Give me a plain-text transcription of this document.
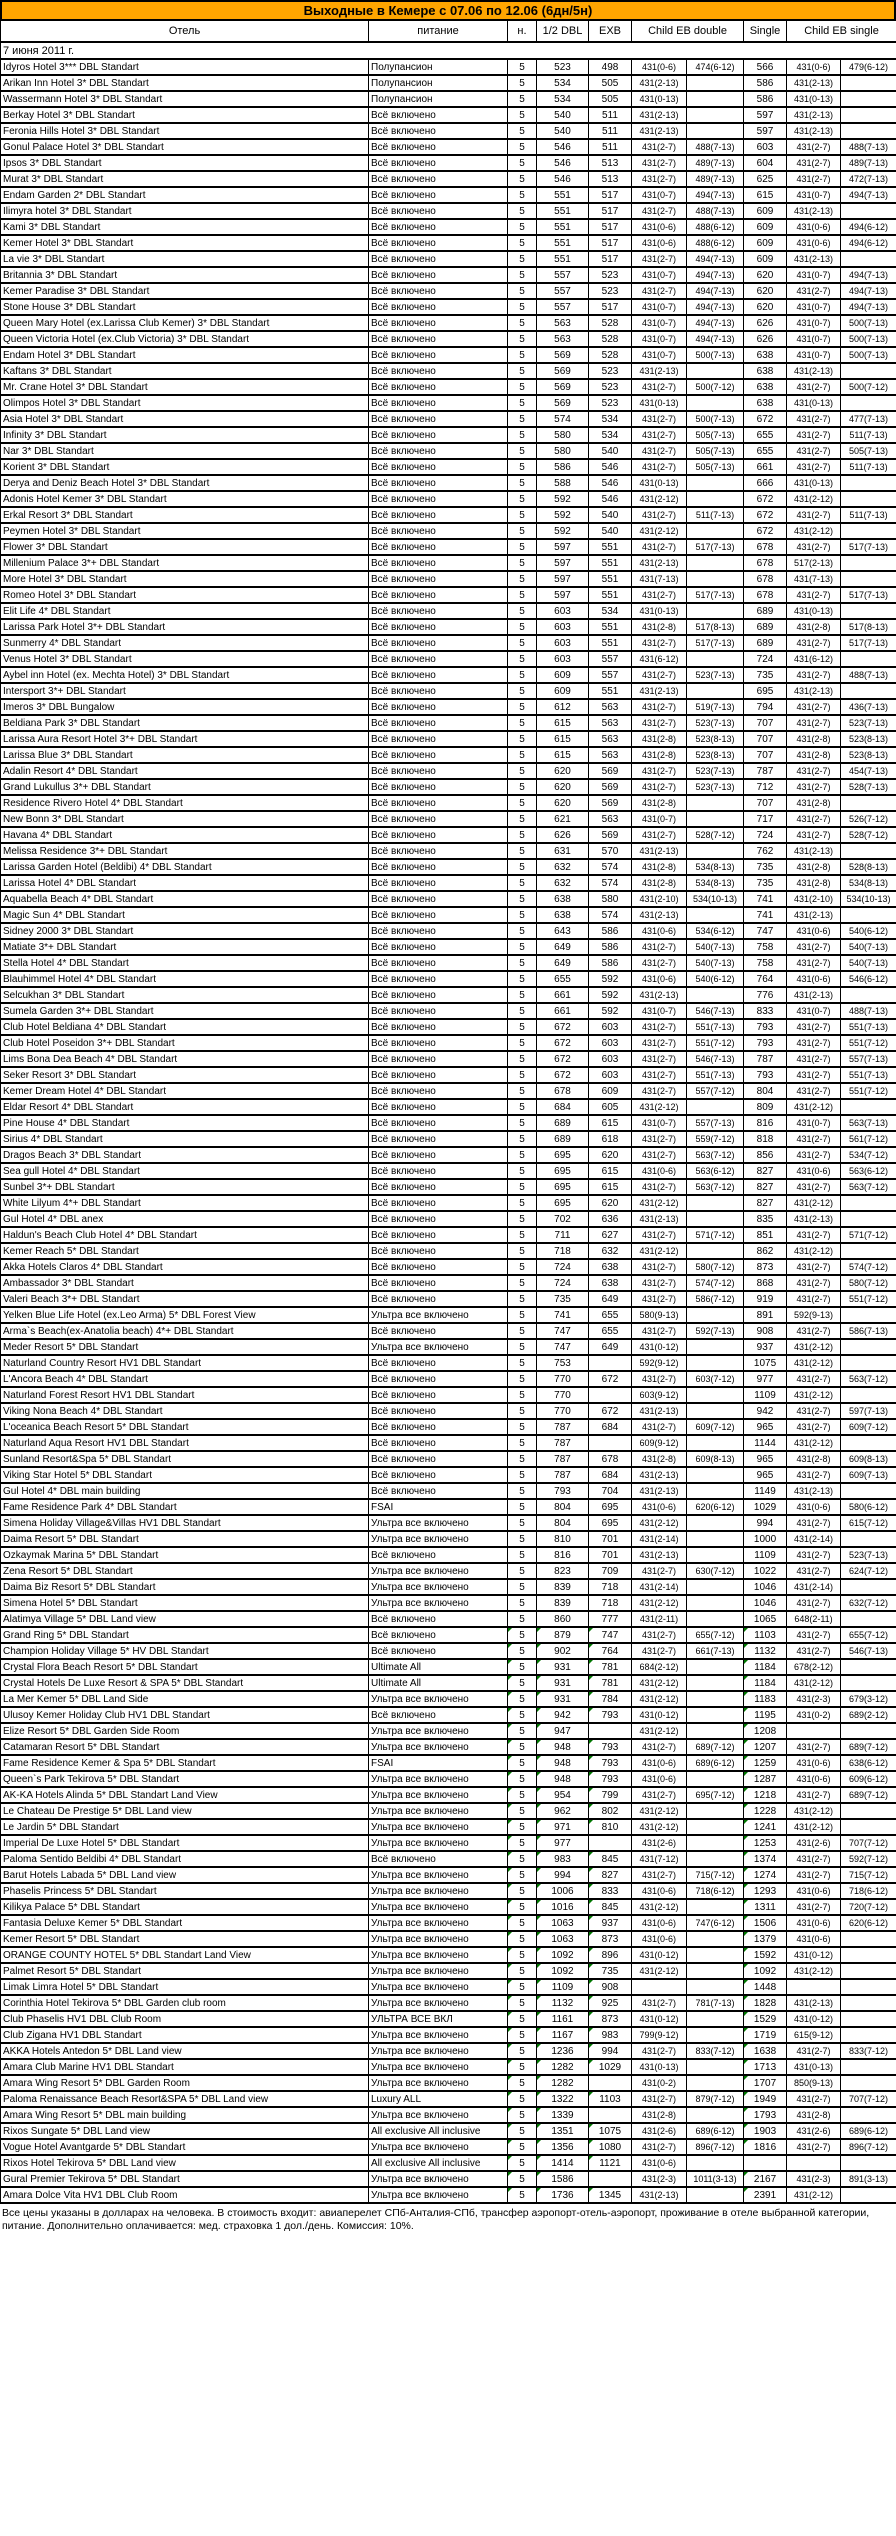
Выходные в Кемере с 07.06 по 12.06 (6дн/5н)
Отель	питание	н.	1/2 DBL	EXB	Child EB double		Single	Child EB single	
7 июня 2011 г.									
Idyros Hotel 3*** DBL Standart	Полупансион	5	523	498	431(0-6)	474(6-12)	566	431(0-6)	479(6-12)
Arikan Inn Hotel 3* DBL Standart	Полупансион	5	534	505	431(2-13)		586	431(2-13)	
Wassermann Hotel 3* DBL Standart	Полупансион	5	534	505	431(0-13)		586	431(0-13)	
Berkay Hotel 3* DBL Standart	Всё включено	5	540	511	431(2-13)		597	431(2-13)	
Feronia Hills Hotel 3* DBL Standart	Всё включено	5	540	511	431(2-13)		597	431(2-13)	
Gonul Palace Hotel 3* DBL Standart	Всё включено	5	546	511	431(2-7)	488(7-13)	603	431(2-7)	488(7-13)
Ipsos 3* DBL Standart	Всё включено	5	546	513	431(2-7)	489(7-13)	604	431(2-7)	489(7-13)
Murat 3* DBL Standart	Всё включено	5	546	513	431(2-7)	489(7-13)	625	431(2-7)	472(7-13)
Endam Garden 2* DBL Standart	Всё включено	5	551	517	431(0-7)	494(7-13)	615	431(0-7)	494(7-13)
Ilimyra hotel 3* DBL Standart	Всё включено	5	551	517	431(2-7)	488(7-13)	609	431(2-13)	
Kami 3* DBL Standart	Всё включено	5	551	517	431(0-6)	488(6-12)	609	431(0-6)	494(6-12)
Kemer Hotel 3* DBL Standart	Всё включено	5	551	517	431(0-6)	488(6-12)	609	431(0-6)	494(6-12)
La vie 3* DBL Standart	Всё включено	5	551	517	431(2-7)	494(7-13)	609	431(2-13)	
Britannia 3* DBL Standart	Всё включено	5	557	523	431(0-7)	494(7-13)	620	431(0-7)	494(7-13)
Kemer Paradise 3* DBL Standart	Всё включено	5	557	523	431(2-7)	494(7-13)	620	431(2-7)	494(7-13)
Stone House 3* DBL Standart	Всё включено	5	557	517	431(0-7)	494(7-13)	620	431(0-7)	494(7-13)
Queen Mary Hotel (ex.Larissa Club Kemer) 3* DBL Standart	Всё включено	5	563	528	431(0-7)	494(7-13)	626	431(0-7)	500(7-13)
Queen Victoria Hotel (ex.Club Victoria) 3* DBL Standart	Всё включено	5	563	528	431(0-7)	494(7-13)	626	431(0-7)	500(7-13)
Endam Hotel 3* DBL Standart	Всё включено	5	569	528	431(0-7)	500(7-13)	638	431(0-7)	500(7-13)
Kaftans 3* DBL Standart	Всё включено	5	569	523	431(2-13)		638	431(2-13)	
Mr. Crane Hotel 3* DBL Standart	Всё включено	5	569	523	431(2-7)	500(7-12)	638	431(2-7)	500(7-12)
Olimpos Hotel 3* DBL Standart	Всё включено	5	569	523	431(0-13)		638	431(0-13)	
Asia Hotel 3* DBL Standart	Всё включено	5	574	534	431(2-7)	500(7-13)	672	431(2-7)	477(7-13)
Infinity 3* DBL Standart	Всё включено	5	580	534	431(2-7)	505(7-13)	655	431(2-7)	511(7-13)
Nar 3* DBL Standart	Всё включено	5	580	540	431(2-7)	505(7-13)	655	431(2-7)	505(7-13)
Korient 3* DBL Standart	Всё включено	5	586	546	431(2-7)	505(7-13)	661	431(2-7)	511(7-13)
Derya and Deniz Beach Hotel 3* DBL Standart	Всё включено	5	588	546	431(0-13)		666	431(0-13)	
Adonis Hotel Kemer 3* DBL Standart	Всё включено	5	592	546	431(2-12)		672	431(2-12)	
Erkal Resort 3* DBL Standart	Всё включено	5	592	540	431(2-7)	511(7-13)	672	431(2-7)	511(7-13)
Peymen Hotel 3* DBL Standart	Всё включено	5	592	540	431(2-12)		672	431(2-12)	
Flower 3* DBL Standart	Всё включено	5	597	551	431(2-7)	517(7-13)	678	431(2-7)	517(7-13)
Millenium Palace 3*+ DBL Standart	Всё включено	5	597	551	431(2-13)		678	517(2-13)	
More Hotel 3* DBL Standart	Всё включено	5	597	551	431(7-13)		678	431(7-13)	
Romeo Hotel 3* DBL Standart	Всё включено	5	597	551	431(2-7)	517(7-13)	678	431(2-7)	517(7-13)
Elit Life 4* DBL Standart	Всё включено	5	603	534	431(0-13)		689	431(0-13)	
Larissa Park Hotel 3*+ DBL Standart	Всё включено	5	603	551	431(2-8)	517(8-13)	689	431(2-8)	517(8-13)
Sunmerry 4* DBL Standart	Всё включено	5	603	551	431(2-7)	517(7-13)	689	431(2-7)	517(7-13)
Venus Hotel 3* DBL Standart	Всё включено	5	603	557	431(6-12)		724	431(6-12)	
Aybel inn Hotel (ex. Mechta Hotel) 3* DBL Standart	Всё включено	5	609	557	431(2-7)	523(7-13)	735	431(2-7)	488(7-13)
Intersport 3*+ DBL Standart	Всё включено	5	609	551	431(2-13)		695	431(2-13)	
Imeros 3* DBL Bungalow	Всё включено	5	612	563	431(2-7)	519(7-13)	794	431(2-7)	436(7-13)
Beldiana Park 3* DBL Standart	Всё включено	5	615	563	431(2-7)	523(7-13)	707	431(2-7)	523(7-13)
Larissa Aura Resort Hotel 3*+ DBL Standart	Всё включено	5	615	563	431(2-8)	523(8-13)	707	431(2-8)	523(8-13)
Larissa Blue 3* DBL Standart	Всё включено	5	615	563	431(2-8)	523(8-13)	707	431(2-8)	523(8-13)
Adalin Resort 4* DBL Standart	Всё включено	5	620	569	431(2-7)	523(7-13)	787	431(2-7)	454(7-13)
Grand Lukullus 3*+ DBL Standart	Всё включено	5	620	569	431(2-7)	523(7-13)	712	431(2-7)	528(7-13)
Residence Rivero Hotel 4* DBL Standart	Всё включено	5	620	569	431(2-8)		707	431(2-8)	
New Bonn 3* DBL Standart	Всё включено	5	621	563	431(0-7)		717	431(2-7)	526(7-12)
Havana 4* DBL Standart	Всё включено	5	626	569	431(2-7)	528(7-12)	724	431(2-7)	528(7-12)
Melissa Residence 3*+ DBL Standart	Всё включено	5	631	570	431(2-13)		762	431(2-13)	
Larissa Garden Hotel (Beldibi) 4* DBL Standart	Всё включено	5	632	574	431(2-8)	534(8-13)	735	431(2-8)	528(8-13)
Larissa Hotel 4* DBL Standart	Всё включено	5	632	574	431(2-8)	534(8-13)	735	431(2-8)	534(8-13)
Aquabella Beach 4* DBL Standart	Всё включено	5	638	580	431(2-10)	534(10-13)	741	431(2-10)	534(10-13)
Magic Sun 4* DBL Standart	Всё включено	5	638	574	431(2-13)		741	431(2-13)	
Sidney 2000 3* DBL Standart	Всё включено	5	643	586	431(0-6)	534(6-12)	747	431(0-6)	540(6-12)
Matiate 3*+ DBL Standart	Всё включено	5	649	586	431(2-7)	540(7-13)	758	431(2-7)	540(7-13)
Stella Hotel 4* DBL Standart	Всё включено	5	649	586	431(2-7)	540(7-13)	758	431(2-7)	540(7-13)
Blauhimmel Hotel 4* DBL Standart	Всё включено	5	655	592	431(0-6)	540(6-12)	764	431(0-6)	546(6-12)
Selcukhan 3* DBL Standart	Всё включено	5	661	592	431(2-13)		776	431(2-13)	
Sumela Garden 3*+ DBL Standart	Всё включено	5	661	592	431(0-7)	546(7-13)	833	431(0-7)	488(7-13)
Club Hotel Beldiana 4* DBL Standart	Всё включено	5	672	603	431(2-7)	551(7-13)	793	431(2-7)	551(7-13)
Club Hotel Poseidon 3*+ DBL Standart	Всё включено	5	672	603	431(2-7)	551(7-12)	793	431(2-7)	551(7-12)
Lims Bona Dea Beach 4* DBL Standart	Всё включено	5	672	603	431(2-7)	546(7-13)	787	431(2-7)	557(7-13)
Seker Resort 3* DBL Standart	Всё включено	5	672	603	431(2-7)	551(7-13)	793	431(2-7)	551(7-13)
Kemer Dream Hotel 4* DBL Standart	Всё включено	5	678	609	431(2-7)	557(7-12)	804	431(2-7)	551(7-12)
Eldar Resort 4* DBL Standart	Всё включено	5	684	605	431(2-12)		809	431(2-12)	
Pine House 4* DBL Standart	Всё включено	5	689	615	431(0-7)	557(7-13)	816	431(0-7)	563(7-13)
Sirius 4* DBL Standart	Всё включено	5	689	618	431(2-7)	559(7-12)	818	431(2-7)	561(7-12)
Dragos Beach 3* DBL Standart	Всё включено	5	695	620	431(2-7)	563(7-12)	856	431(2-7)	534(7-12)
Sea gull Hotel 4* DBL Standart	Всё включено	5	695	615	431(0-6)	563(6-12)	827	431(0-6)	563(6-12)
Sunbel 3*+ DBL Standart	Всё включено	5	695	615	431(2-7)	563(7-12)	827	431(2-7)	563(7-12)
White Lilyum 4*+ DBL Standart	Всё включено	5	695	620	431(2-12)		827	431(2-12)	
Gul Hotel 4* DBL anex	Всё включено	5	702	636	431(2-13)		835	431(2-13)	
Haldun's Beach Club Hotel 4* DBL Standart	Всё включено	5	711	627	431(2-7)	571(7-12)	851	431(2-7)	571(7-12)
Kemer Reach 5* DBL Standart	Всё включено	5	718	632	431(2-12)		862	431(2-12)	
Akka Hotels Claros 4* DBL Standart	Всё включено	5	724	638	431(2-7)	580(7-12)	873	431(2-7)	574(7-12)
Ambassador 3* DBL Standart	Всё включено	5	724	638	431(2-7)	574(7-12)	868	431(2-7)	580(7-12)
Valeri Beach 3*+ DBL Standart	Всё включено	5	735	649	431(2-7)	586(7-12)	919	431(2-7)	551(7-12)
Yelken Blue Life Hotel (ex.Leo Arma) 5* DBL Forest View	Ультра все включено	5	741	655	580(9-13)		891	592(9-13)	
Arma`s Beach(ex-Anatolia beach) 4*+ DBL Standart	Всё включено	5	747	655	431(2-7)	592(7-13)	908	431(2-7)	586(7-13)
Meder Resort 5* DBL Standart	Ультра все включено	5	747	649	431(0-12)		937	431(2-12)	
Naturland Country Resort HV1 DBL Standart	Всё включено	5	753		592(9-12)		1075	431(2-12)	
L'Ancora Beach 4* DBL Standart	Всё включено	5	770	672	431(2-7)	603(7-12)	977	431(2-7)	563(7-12)
Naturland Forest Resort HV1 DBL Standart	Всё включено	5	770		603(9-12)		1109	431(2-12)	
Viking Nona Beach 4* DBL Standart	Всё включено	5	770	672	431(2-13)		942	431(2-7)	597(7-13)
L'oceanica Beach Resort 5* DBL Standart	Всё включено	5	787	684	431(2-7)	609(7-12)	965	431(2-7)	609(7-12)
Naturland Aqua Resort HV1 DBL Standart	Всё включено	5	787		609(9-12)		1144	431(2-12)	
Sunland Resort&Spa 5* DBL Standart	Всё включено	5	787	678	431(2-8)	609(8-13)	965	431(2-8)	609(8-13)
Viking Star Hotel 5* DBL Standart	Всё включено	5	787	684	431(2-13)		965	431(2-7)	609(7-13)
Gul Hotel 4* DBL main building	Всё включено	5	793	704	431(2-13)		1149	431(2-13)	
Fame Residence Park 4* DBL Standart	FSAI	5	804	695	431(0-6)	620(6-12)	1029	431(0-6)	580(6-12)
Simena Holiday Village&Villas HV1 DBL Standart	Ультра все включено	5	804	695	431(2-12)		994	431(2-7)	615(7-12)
Daima Resort 5* DBL Standart	Ультра все включено	5	810	701	431(2-14)		1000	431(2-14)	
Ozkaymak Marina 5* DBL Standart	Всё включено	5	816	701	431(2-13)		1109	431(2-7)	523(7-13)
Zena Resort 5* DBL Standart	Ультра все включено	5	823	709	431(2-7)	630(7-12)	1022	431(2-7)	624(7-12)
Daima Biz Resort 5* DBL Standart	Ультра все включено	5	839	718	431(2-14)		1046	431(2-14)	
Simena Hotel 5* DBL Standart	Ультра все включено	5	839	718	431(2-12)		1046	431(2-7)	632(7-12)
Alatimya Village 5* DBL Land view	Всё включено	5	860	777	431(2-11)		1065	648(2-11)	
Grand Ring 5* DBL Standart	Всё включено	5	879	747	431(2-7)	655(7-12)	1103	431(2-7)	655(7-12)
Champion Holiday Village 5* HV DBL Standart	Всё включено	5	902	764	431(2-7)	661(7-13)	1132	431(2-7)	546(7-13)
Crystal Flora Beach Resort 5* DBL Standart	Ultimate All	5	931	781	684(2-12)		1184	678(2-12)	
Crystal Hotels De Luxe Resort & SPA 5* DBL Standart	Ultimate All	5	931	781	431(2-12)		1184	431(2-12)	
La Mer Kemer 5* DBL Land Side	Ультра все включено	5	931	784	431(2-12)		1183	431(2-3)	679(3-12)
Ulusoy Kemer Holiday Club HV1 DBL Standart	Всё включено	5	942	793	431(0-12)		1195	431(0-2)	689(2-12)
Elize Resort 5* DBL Garden Side Room	Ультра все включено	5	947		431(2-12)		1208

Catamaran Resort 5* DBL Standart	Ультра все включено	5	948	793	431(2-7)	689(7-12)	1207	431(2-7)	689(7-12)
Fame Residence Kemer & Spa 5* DBL Standart	FSAI	5	948	793	431(0-6)	689(6-12)	1259	431(0-6)	638(6-12)
Queen`s Park Tekirova 5* DBL Standart	Ультра все включено	5	948	793	431(0-6)		1287	431(0-6)	609(6-12)
AK-KA Hotels Alinda 5* DBL Standart Land View	Ультра все включено	5	954	799	431(2-7)	695(7-12)	1218	431(2-7)	689(7-12)
Le Chateau De Prestige 5* DBL Land view	Ультра все включено	5	962	802	431(2-12)		1228	431(2-12)	
Le Jardin 5* DBL Standart	Ультра все включено	5	971	810	431(2-12)		1241	431(2-12)	
Imperial De Luxe Hotel 5* DBL Standart	Ультра все включено	5	977		431(2-6)		1253	431(2-6)	707(7-12)
Paloma Sentido Beldibi 4* DBL Standart	Всё включено	5	983	845	431(7-12)		1374	431(2-7)	592(7-12)
Barut Hotels Labada 5* DBL Land view	Ультра все включено	5	994	827	431(2-7)	715(7-12)	1274	431(2-7)	715(7-12)
Phaselis Princess 5* DBL Standart	Ультра все включено	5	1006	833	431(0-6)	718(6-12)	1293	431(0-6)	718(6-12)
Kilikya Palace 5* DBL Standart	Ультра все включено	5	1016	845	431(2-12)		1311	431(2-7)	720(7-12)
Fantasia Deluxe Kemer 5* DBL Standart	Ультра все включено	5	1063	937	431(0-6)	747(6-12)	1506	431(0-6)	620(6-12)
Kemer Resort 5* DBL Standart	Ультра все включено	5	1063	873	431(0-6)		1379	431(0-6)	
ORANGE COUNTY HOTEL 5* DBL Standart Land View	Ультра все включено	5	1092	896	431(0-12)		1592	431(0-12)	
Palmet Resort 5* DBL Standart	Ультра все включено	5	1092	735	431(2-12)		1092	431(2-12)	
Limak Limra Hotel 5* DBL Standart	Ультра все включено	5	1109	908			1448

Corinthia Hotel Tekirova 5* DBL Garden club room	Ультра все включено	5	1132	925	431(2-7)	781(7-13)	1828	431(2-13)	
Club Phaselis HV1 DBL Club Room	УЛЬТРА ВСЕ ВКЛ	5	1161	873	431(0-12)		1529	431(0-12)	
Club Zigana HV1 DBL Standart	Ультра все включено	5	1167	983	799(9-12)		1719	615(9-12)	
AKKA Hotels Antedon 5* DBL Land view	Ультра все включено	5	1236	994	431(2-7)	833(7-12)	1638	431(2-7)	833(7-12)
Amara Club Marine HV1 DBL Standart	Ультра все включено	5	1282	1029	431(0-13)		1713	431(0-13)	
Amara Wing Resort 5* DBL Garden Room	Ультра все включено	5	1282		431(0-2)		1707	850(9-13)	
Paloma Renaissance Beach Resort&SPA 5* DBL Land view	Luxury ALL	5	1322	1103	431(2-7)	879(7-12)	1949	431(2-7)	707(7-12)
Amara Wing Resort 5* DBL main building	Ультра все включено	5	1339		431(2-8)		1793	431(2-8)	
Rixos Sungate 5* DBL Land view	All exclusive All inclusive	5	1351	1075	431(2-6)	689(6-12)	1903	431(2-6)	689(6-12)
Vogue Hotel Avantgarde 5* DBL Standart	Ультра все включено	5	1356	1080	431(2-7)	896(7-12)	1816	431(2-7)	896(7-12)
Rixos Hotel Tekirova 5* DBL Land view	All exclusive All inclusive	5	1414	1121	431(0-6)				
Gural Premier Tekirova 5* DBL Standart	Ультра все включено	5	1586		431(2-3)	1011(3-13)	2167	431(2-3)	891(3-13)
Amara Dolce Vita HV1 DBL Club Room	Ультра все включено	5	1736	1345	431(2-13)		2391	431(2-12)	
Все цены указаны в долларах на человека. В стоимость входит: авиаперелет СПб-Анталия-СПб, трансфер аэропорт-отель-аэропорт, проживание в отеле выбранной категории, питание. Дополнительно оплачивается: мед. страховка 1 дол./день. Комиссия: 10%.
